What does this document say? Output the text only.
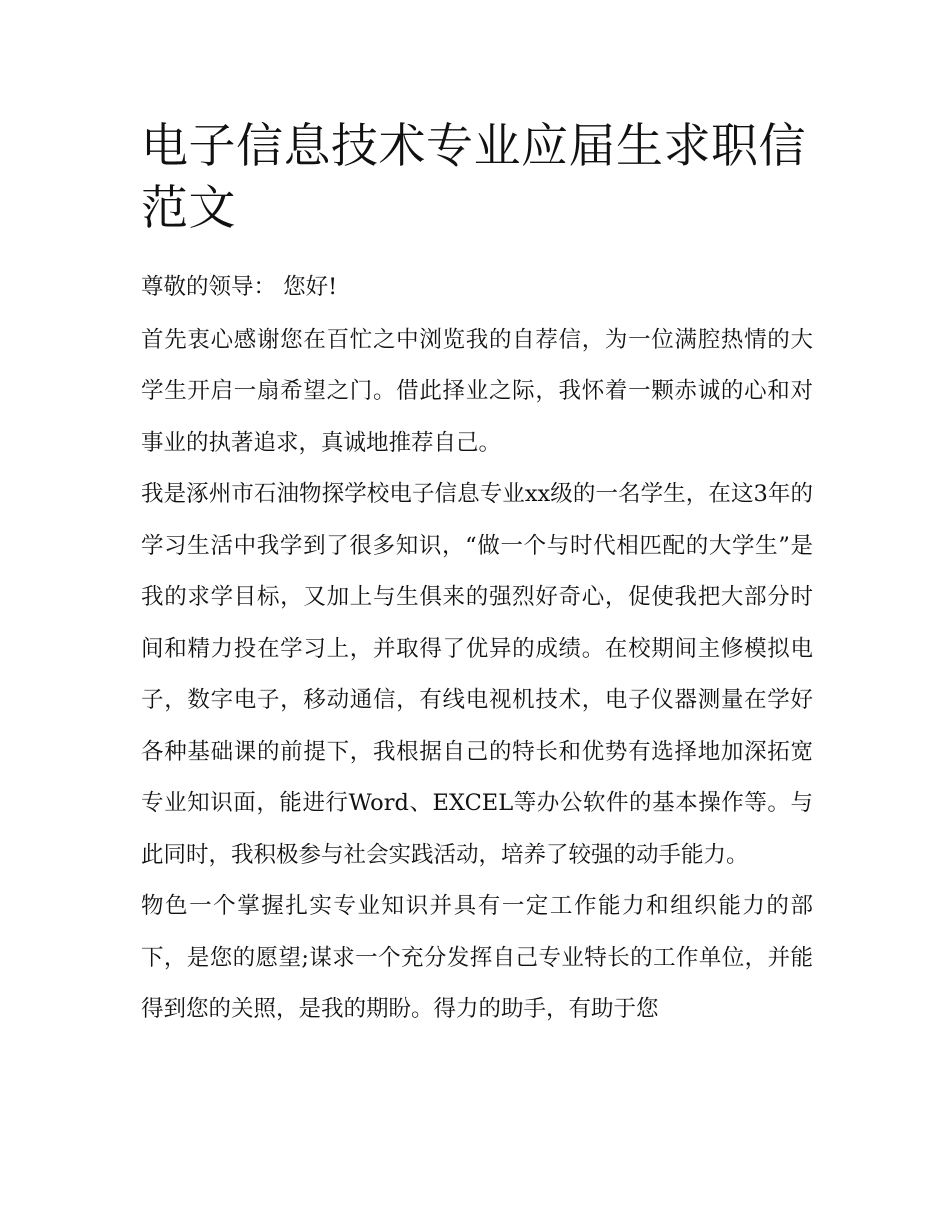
电子信息技术专业应届生求职信范文

尊敬的领导： 您好!

首先衷心感谢您在百忙之中浏览我的自荐信，为一位满腔热情的大学生开启一扇希望之门。借此择业之际，我怀着一颗赤诚的心和对事业的执著追求，真诚地推荐自己。

我是涿州市石油物探学校电子信息专业xx级的一名学生，在这3年的学习生活中我学到了很多知识，“做一个与时代相匹配的大学生”是我的求学目标，又加上与生俱来的强烈好奇心，促使我把大部分时间和精力投在学习上，并取得了优异的成绩。在校期间主修模拟电子，数字电子，移动通信，有线电视机技术，电子仪器测量在学好各种基础课的前提下，我根据自己的特长和优势有选择地加深拓宽专业知识面，能进行Word、EXCEL等办公软件的基本操作等。与此同时，我积极参与社会实践活动，培养了较强的动手能力。

物色一个掌握扎实专业知识并具有一定工作能力和组织能力的部下，是您的愿望;谋求一个充分发挥自己专业特长的工作单位，并能得到您的关照，是我的期盼。得力的助手，有助于您
